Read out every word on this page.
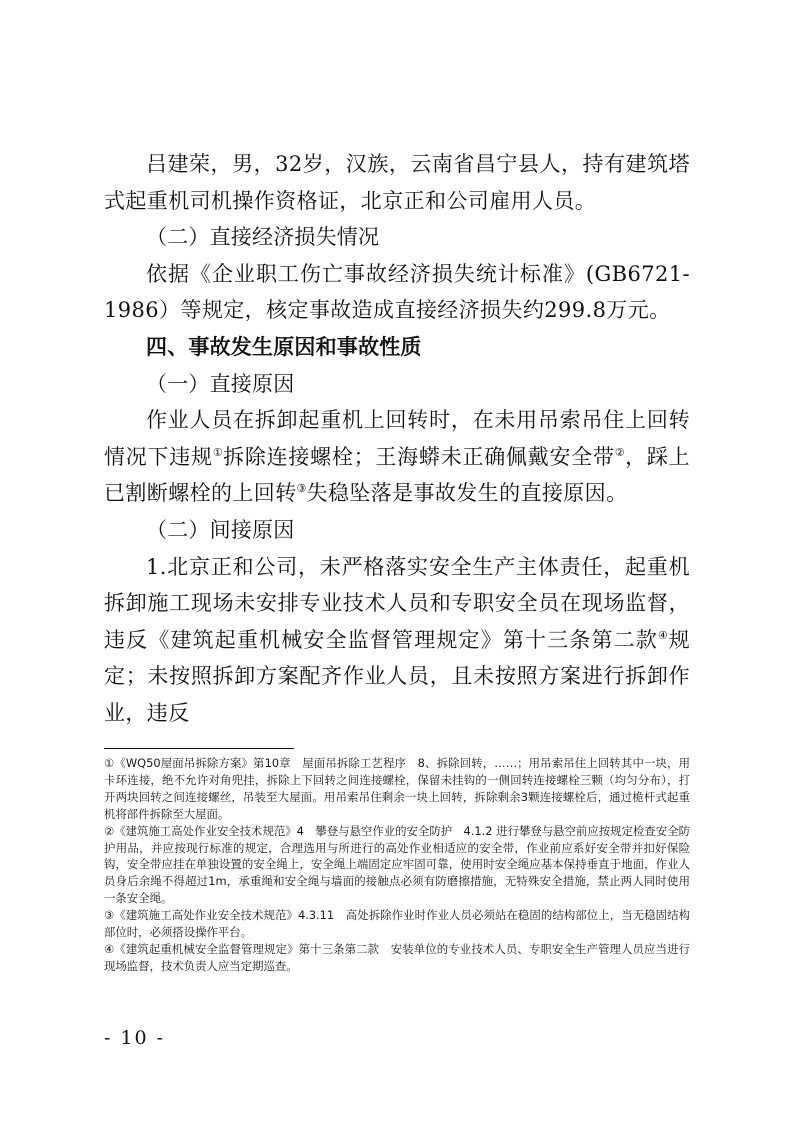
吕建荣，男，32岁，汉族，云南省昌宁县人，持有建筑塔式起重机司机操作资格证，北京正和公司雇用人员。

（二）直接经济损失情况

依据《企业职工伤亡事故经济损失统计标准》(GB6721-1986）等规定，核定事故造成直接经济损失约299.8万元。

四、事故发生原因和事故性质

（一）直接原因

作业人员在拆卸起重机上回转时，在未用吊索吊住上回转情况下违规①拆除连接螺栓；王海蟒未正确佩戴安全带②，踩上已割断螺栓的上回转③失稳坠落是事故发生的直接原因。

（二）间接原因

1.北京正和公司，未严格落实安全生产主体责任，起重机拆卸施工现场未安排专业技术人员和专职安全员在现场监督，违反《建筑起重机械安全监督管理规定》第十三条第二款④规定；未按照拆卸方案配齐作业人员，且未按照方案进行拆卸作业，违反

①《WQ50屋面吊拆除方案》第10章　屋面吊拆除工艺程序　8、拆除回转，……；用吊索吊住上回转其中一块，用卡环连接，绝不允许对角兜挂，拆除上下回转之间连接螺栓，保留未挂钩的一侧回转连接螺栓三颗（均匀分布），打开两块回转之间连接螺丝，吊装至大屋面。用吊索吊住剩余一块上回转，拆除剩余3颗连接螺栓后，通过桅杆式起重机将部件拆除至大屋面。

②《建筑施工高处作业安全技术规范》4　攀登与悬空作业的安全防护　4.1.2 进行攀登与悬空前应按规定检查安全防护用品，并应按现行标准的规定，合理选用与所进行的高处作业相适应的安全带，作业前应系好安全带并扣好保险钩，安全带应挂在单独设置的安全绳上，安全绳上端固定应牢固可靠，使用时安全绳应基本保持垂直于地面，作业人员身后余绳不得超过1m，承重绳和安全绳与墙面的接触点必须有防磨擦措施，无特殊安全措施，禁止两人同时使用一条安全绳。

③《建筑施工高处作业安全技术规范》4.3.11　高处拆除作业时作业人员必须站在稳固的结构部位上，当无稳固结构部位时，必须搭设操作平台。

④《建筑起重机械安全监督管理规定》第十三条第二款　安装单位的专业技术人员、专职安全生产管理人员应当进行现场监督，技术负责人应当定期巡查。

- 10 -
